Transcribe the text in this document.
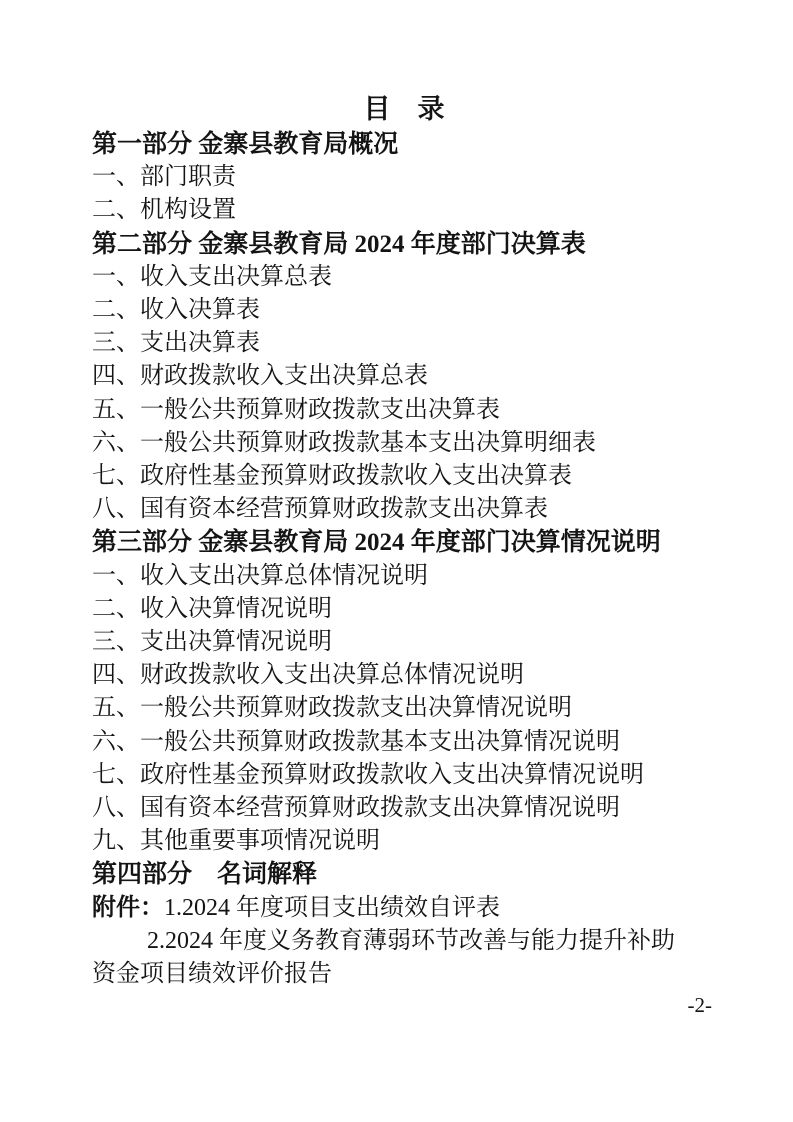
目　录
第一部分 金寨县教育局概况
一、部门职责
二、机构设置
第二部分 金寨县教育局 2024 年度部门决算表
一、收入支出决算总表
二、收入决算表
三、支出决算表
四、财政拨款收入支出决算总表
五、一般公共预算财政拨款支出决算表
六、一般公共预算财政拨款基本支出决算明细表
七、政府性基金预算财政拨款收入支出决算表
八、国有资本经营预算财政拨款支出决算表
第三部分 金寨县教育局 2024 年度部门决算情况说明
一、收入支出决算总体情况说明
二、收入决算情况说明
三、支出决算情况说明
四、财政拨款收入支出决算总体情况说明
五、一般公共预算财政拨款支出决算情况说明
六、一般公共预算财政拨款基本支出决算情况说明
七、政府性基金预算财政拨款收入支出决算情况说明
八、国有资本经营预算财政拨款支出决算情况说明
九、其他重要事项情况说明
第四部分　名词解释
附件：1.2024 年度项目支出绩效自评表
2.2024 年度义务教育薄弱环节改善与能力提升补助
资金项目绩效评价报告
-2-
